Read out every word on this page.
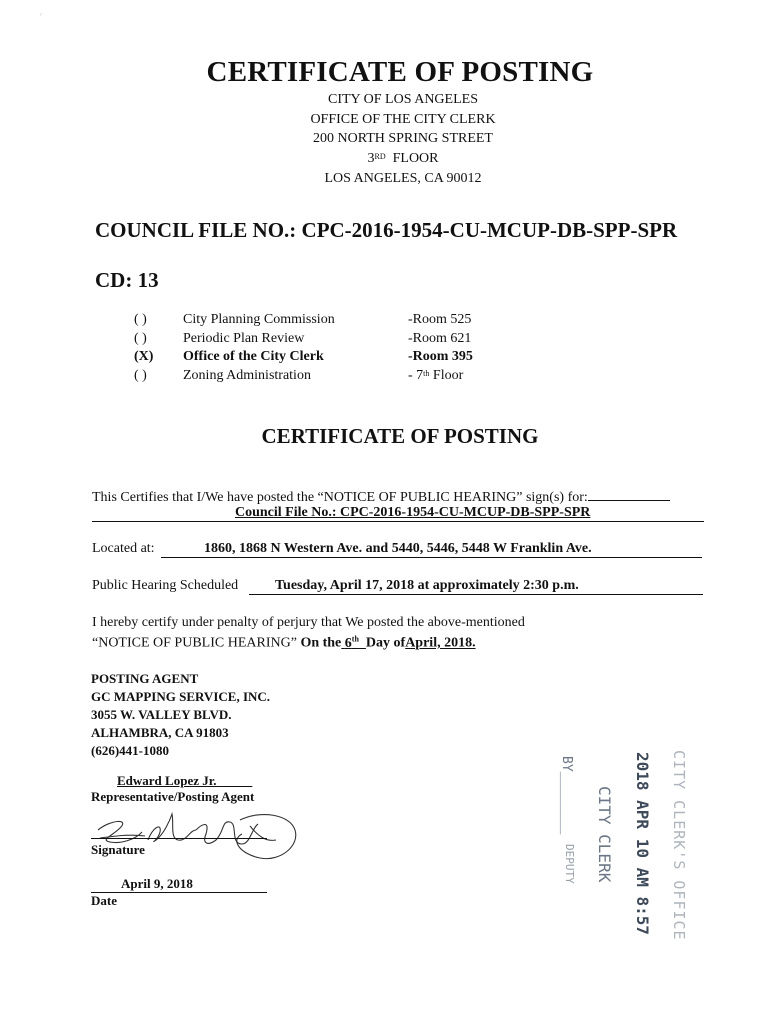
′
CERTIFICATE OF POSTING
CITY OF LOS ANGELES
OFFICE OF THE CITY CLERK
200 NORTH SPRING STREET
3RD FLOOR
LOS ANGELES, CA 90012
COUNCIL FILE NO.: CPC-2016-1954-CU-MCUP-DB-SPP-SPR
CD: 13
( )	City Planning Commission	-Room 525
( )	Periodic Plan Review	-Room 621
(X)	Office of the City Clerk	-Room 395
( )	Zoning Administration	- 7th Floor
CERTIFICATE OF POSTING
This Certifies that I/We have posted the “NOTICE OF PUBLIC HEARING” sign(s) for:
Council File No.: CPC-2016-1954-CU-MCUP-DB-SPP-SPR
Located at:	1860, 1868 N Western Ave. and 5440, 5446, 5448 W Franklin Ave.
Public Hearing Scheduled	Tuesday, April 17, 2018 at approximately 2:30 p.m.
I hereby certify under penalty of perjury that We posted the above-mentioned
“NOTICE OF PUBLIC HEARING” On the 6th Day ofApril, 2018.
POSTING AGENT
GC MAPPING SERVICE, INC.
3055 W. VALLEY BLVD.
ALHAMBRA, CA 91803
(626)441-1080
Edward Lopez Jr.
Representative/Posting Agent
Signature
April 9, 2018
Date	CITY CLERK'S OFFICE
2018 APR 10 AM 8:57
CITY CLERK
BY________
DEPUTY
